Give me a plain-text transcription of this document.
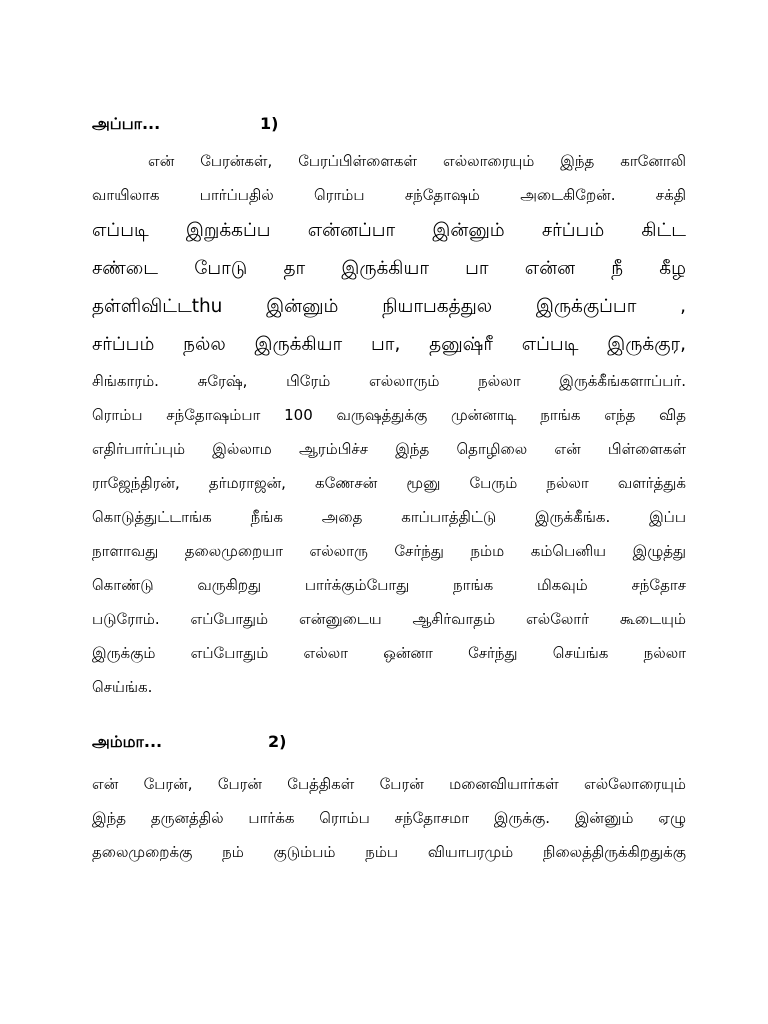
அப்பா...	1)
என் பேரன்கள், பேரப்பிள்ளைகள் எல்லாரையும் இந்த கானோலி
வாயிலாக பார்ப்பதில் ரொம்ப சந்தோஷம் அடைகிறேன். சக்தி
எப்படி இறுக்கப்ப என்னப்பா இன்னும் சர்ப்பம் கிட்ட
சண்டை போடு தா இருக்கியா பா என்ன நீ கீழ
தள்ளிவிட்டthu இன்னும் நியாபகத்துல இருக்குப்பா ,
சர்ப்பம் நல்ல இருக்கியா பா, தனுஷ்ரீ எப்படி இருக்குர,
சிங்காரம். சுரேஷ், பிரேம் எல்லாரும் நல்லா இருக்கீங்களாப்பர்.
ரொம்ப சந்தோஷம்பா 100 வருஷத்துக்கு முன்னாடி நாங்க எந்த வித
எதிர்பார்ப்பும் இல்லாம ஆரம்பிச்ச இந்த தொழிலை என் பிள்ளைகள்
ராஜேந்திரன், தர்மராஜன், கணேசன் மூனு பேரும் நல்லா வளர்த்துக்
கொடுத்துட்டாங்க நீங்க அதை காப்பாத்திட்டு இருக்கீங்க. இப்ப
நாளாவது தலைமுறையா எல்லாரு சேர்ந்து நம்ம கம்பெனிய இழுத்து
கொண்டு வருகிறது பார்க்கும்போது நாங்க மிகவும் சந்தோச
படுரோம். எப்போதும் என்னுடைய ஆசிர்வாதம் எல்லோர் கூடையும்
இருக்கும் எப்போதும் எல்லா ஒன்னா சேர்ந்து செய்ங்க நல்லா
செய்ங்க.
அம்மா...	2)
என் பேரன், பேரன் பேத்திகள் பேரன் மனைவியார்கள் எல்லோரையும்
இந்த தருனத்தில் பார்க்க ரொம்ப சந்தோசமா இருக்கு. இன்னும் ஏழு
தலைமுறைக்கு நம் குடும்பம் நம்ப வியாபரமும் நிலைத்திருக்கிறதுக்கு
